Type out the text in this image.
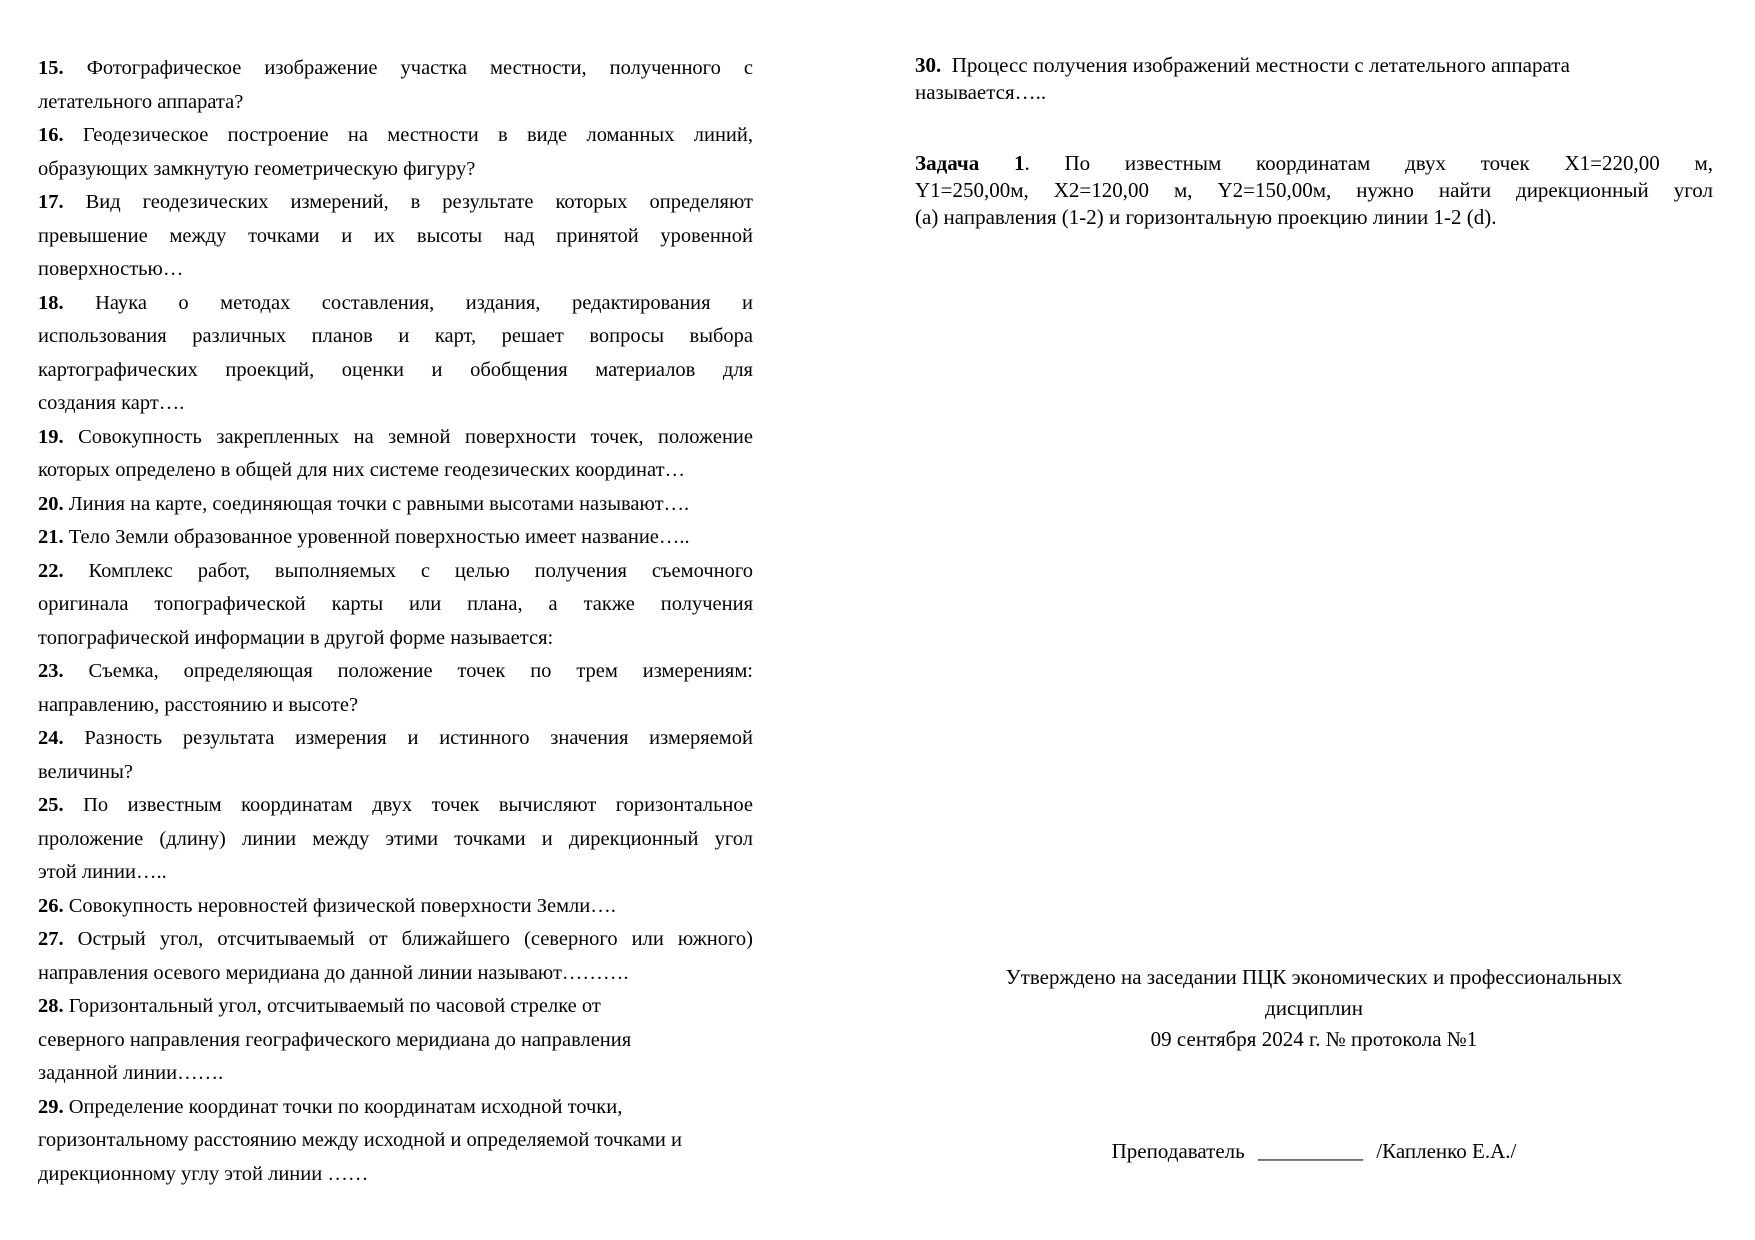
15. Фотографическое изображение участка местности, полученного с
летательного аппарата?
16. Геодезическое построение на местности в виде ломанных линий,
образующих замкнутую геометрическую фигуру?
17. Вид геодезических измерений, в результате которых определяют
превышение между точками и их высоты над принятой уровенной
поверхностью…
18. Наука о методах составления, издания, редактирования и
использования различных планов и карт, решает вопросы выбора
картографических проекций, оценки и обобщения материалов для
создания карт….
19. Совокупность закрепленных на земной поверхности точек, положение
которых определено в общей для них системе геодезических координат…
20. Линия на карте, соединяющая точки с равными высотами называют….
21. Тело Земли образованное уровенной поверхностью имеет название…..
22. Комплекс работ, выполняемых с целью получения съемочного
оригинала топографической карты или плана, а также получения
топографической информации в другой форме называется:
23. Съемка, определяющая положение точек по трем измерениям:
направлению, расстоянию и высоте?
24. Разность результата измерения и истинного значения измеряемой
величины?
25. По известным координатам двух точек вычисляют горизонтальное
проложение (длину) линии между этими точками и дирекционный угол
этой линии…..
26. Совокупность неровностей физической поверхности Земли….
27. Острый угол, отсчитываемый от ближайшего (северного или южного)
направления осевого меридиана до данной линии называют……….
28. Горизонтальный угол, отсчитываемый по часовой стрелке от
северного направления географического меридиана до направления
заданной линии…….
29. Определение координат точки по координатам исходной точки,
горизонтальному расстоянию между исходной и определяемой точками и
дирекционному углу этой линии ……
30.  Процесс получения изображений местности с летательного аппарата
называется…..
Задача 1. По известным координатам двух точек X1=220,00 м,
Y1=250,00м, X2=120,00 м, Y2=150,00м, нужно найти дирекционный угол
(a) направления (1-2) и горизонтальную проекцию линии 1-2 (d).
Утверждено на заседании ПЦК экономических и профессиональных
дисциплин
09 сентября 2024 г. № протокола №1
Преподаватель __________ /Капленко Е.А./
